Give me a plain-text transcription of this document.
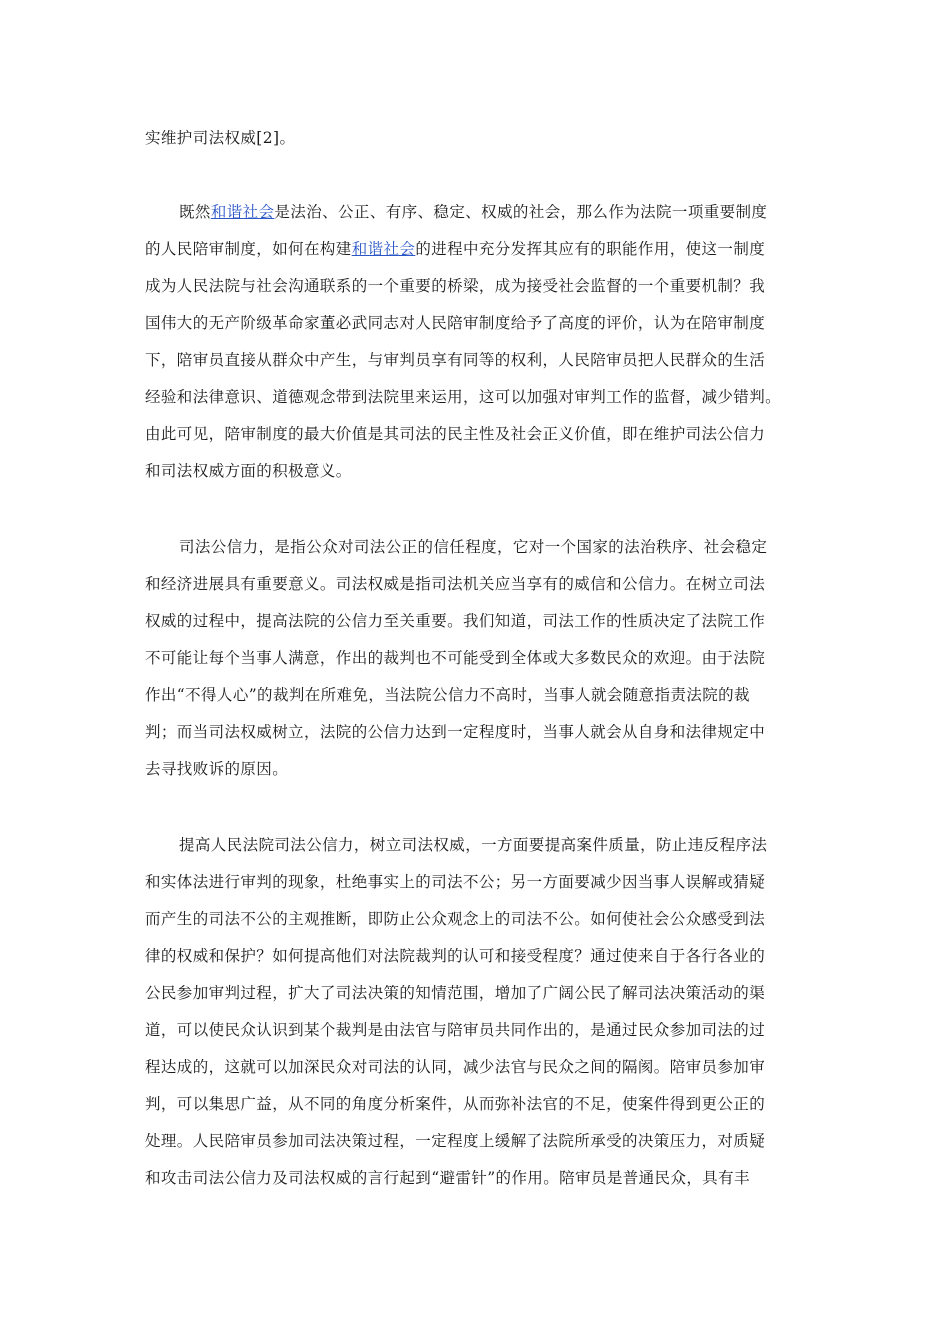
实维护司法权威[2]。
既然和谐社会是法治、公正、有序、稳定、权威的社会，那么作为法院一项重要制度
的人民陪审制度，如何在构建和谐社会的进程中充分发挥其应有的职能作用，使这一制度
成为人民法院与社会沟通联系的一个重要的桥梁，成为接受社会监督的一个重要机制？我
国伟大的无产阶级革命家董必武同志对人民陪审制度给予了高度的评价，认为在陪审制度
下，陪审员直接从群众中产生，与审判员享有同等的权利，人民陪审员把人民群众的生活
经验和法律意识、道德观念带到法院里来运用，这可以加强对审判工作的监督，减少错判。
由此可见，陪审制度的最大价值是其司法的民主性及社会正义价值，即在维护司法公信力
和司法权威方面的积极意义。
司法公信力，是指公众对司法公正的信任程度，它对一个国家的法治秩序、社会稳定
和经济进展具有重要意义。司法权威是指司法机关应当享有的威信和公信力。在树立司法
权威的过程中，提高法院的公信力至关重要。我们知道，司法工作的性质决定了法院工作
不可能让每个当事人满意，作出的裁判也不可能受到全体或大多数民众的欢迎。由于法院
作出“不得人心”的裁判在所难免，当法院公信力不高时，当事人就会随意指责法院的裁
判；而当司法权威树立，法院的公信力达到一定程度时，当事人就会从自身和法律规定中
去寻找败诉的原因。
提高人民法院司法公信力，树立司法权威，一方面要提高案件质量，防止违反程序法
和实体法进行审判的现象，杜绝事实上的司法不公；另一方面要减少因当事人误解或猜疑
而产生的司法不公的主观推断，即防止公众观念上的司法不公。如何使社会公众感受到法
律的权威和保护？如何提高他们对法院裁判的认可和接受程度？通过使来自于各行各业的
公民参加审判过程，扩大了司法决策的知情范围，增加了广阔公民了解司法决策活动的渠
道，可以使民众认识到某个裁判是由法官与陪审员共同作出的，是通过民众参加司法的过
程达成的，这就可以加深民众对司法的认同，减少法官与民众之间的隔阂。陪审员参加审
判，可以集思广益，从不同的角度分析案件，从而弥补法官的不足，使案件得到更公正的
处理。人民陪审员参加司法决策过程，一定程度上缓解了法院所承受的决策压力，对质疑
和攻击司法公信力及司法权威的言行起到“避雷针”的作用。陪审员是普通民众，具有丰
